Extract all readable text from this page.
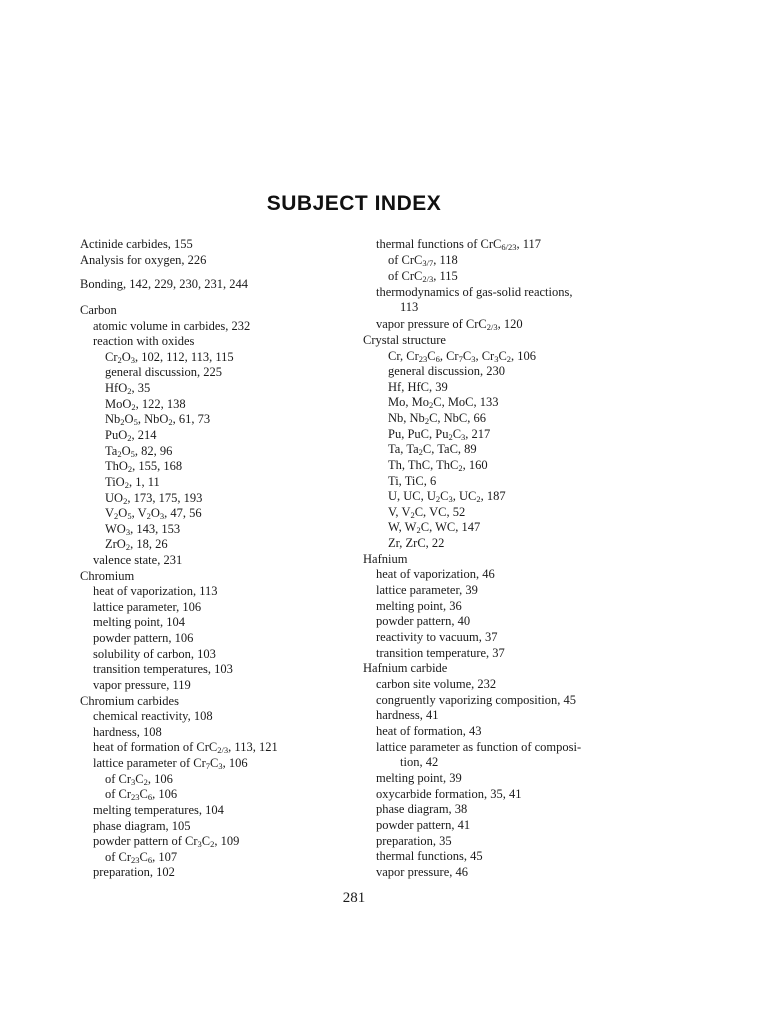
SUBJECT INDEX
Actinide carbides, 155
Analysis for oxygen, 226
Bonding, 142, 229, 230, 231, 244
Carbon
atomic volume in carbides, 232
reaction with oxides
$Cr_2O_3$, 102, 112, 113, 115
general discussion, 225
HfO$_2$, 35
MoO$_2$, 122, 138
$Nb_2O_5$, NbO$_2$, 61, 73
PuO$_2$, 214
$Ta_2O_5$, 82, 96
ThO$_2$, 155, 168
TiO$_2$, 1, 11
$UO_2$, 173, 175, 193
$V_2O_5$, $V_2O_3$, 47, 56
$WO_3$, 143, 153
ZrO$_2$, 18, 26
valence state, 231
Chromium
heat of vaporization, 113
lattice parameter, 106
melting point, 104
powder pattern, 106
solubility of carbon, 103
transition temperatures, 103
vapor pressure, 119
Chromium carbides
chemical reactivity, 108
hardness, 108
heat of formation of CrC$_{2/3}$, 113, 121
lattice parameter of $Cr_7C_3$, 106
of $Cr_3C_2$, 106
of $Cr_{23}C_6$, 106
melting temperatures, 104
phase diagram, 105
powder pattern of $Cr_3C_2$, 109
of $Cr_{23}C_6$, 107
preparation, 102
thermal functions of CrC$_{6/23}$, 117
of CrC$_{3/7}$, 118
of CrC$_{2/3}$, 115
thermodynamics of gas-solid reactions,
113
vapor pressure of CrC$_{2/3}$, 120
Crystal structure
Cr, $Cr_{23}C_6$, $Cr_7C_3$, $Cr_3C_2$, 106
general discussion, 230
Hf, HfC, 39
Mo, $Mo_2C$, MoC, 133
Nb, $Nb_2C$, NbC, 66
Pu, PuC, $Pu_2C_3$, 217
Ta, $Ta_2C$, TaC, 89
Th, ThC, ThC$_2$, 160
Ti, TiC, 6
U, UC, $U_2C_3$, $UC_2$, 187
V, $V_2C$, VC, 52
W, $W_2C$, WC, 147
Zr, ZrC, 22
Hafnium
heat of vaporization, 46
lattice parameter, 39
melting point, 36
powder pattern, 40
reactivity to vacuum, 37
transition temperature, 37
Hafnium carbide
carbon site volume, 232
congruently vaporizing composition, 45
hardness, 41
heat of formation, 43
lattice parameter as function of composi-
tion, 42
melting point, 39
oxycarbide formation, 35, 41
phase diagram, 38
powder pattern, 41
preparation, 35
thermal functions, 45
vapor pressure, 46
281
